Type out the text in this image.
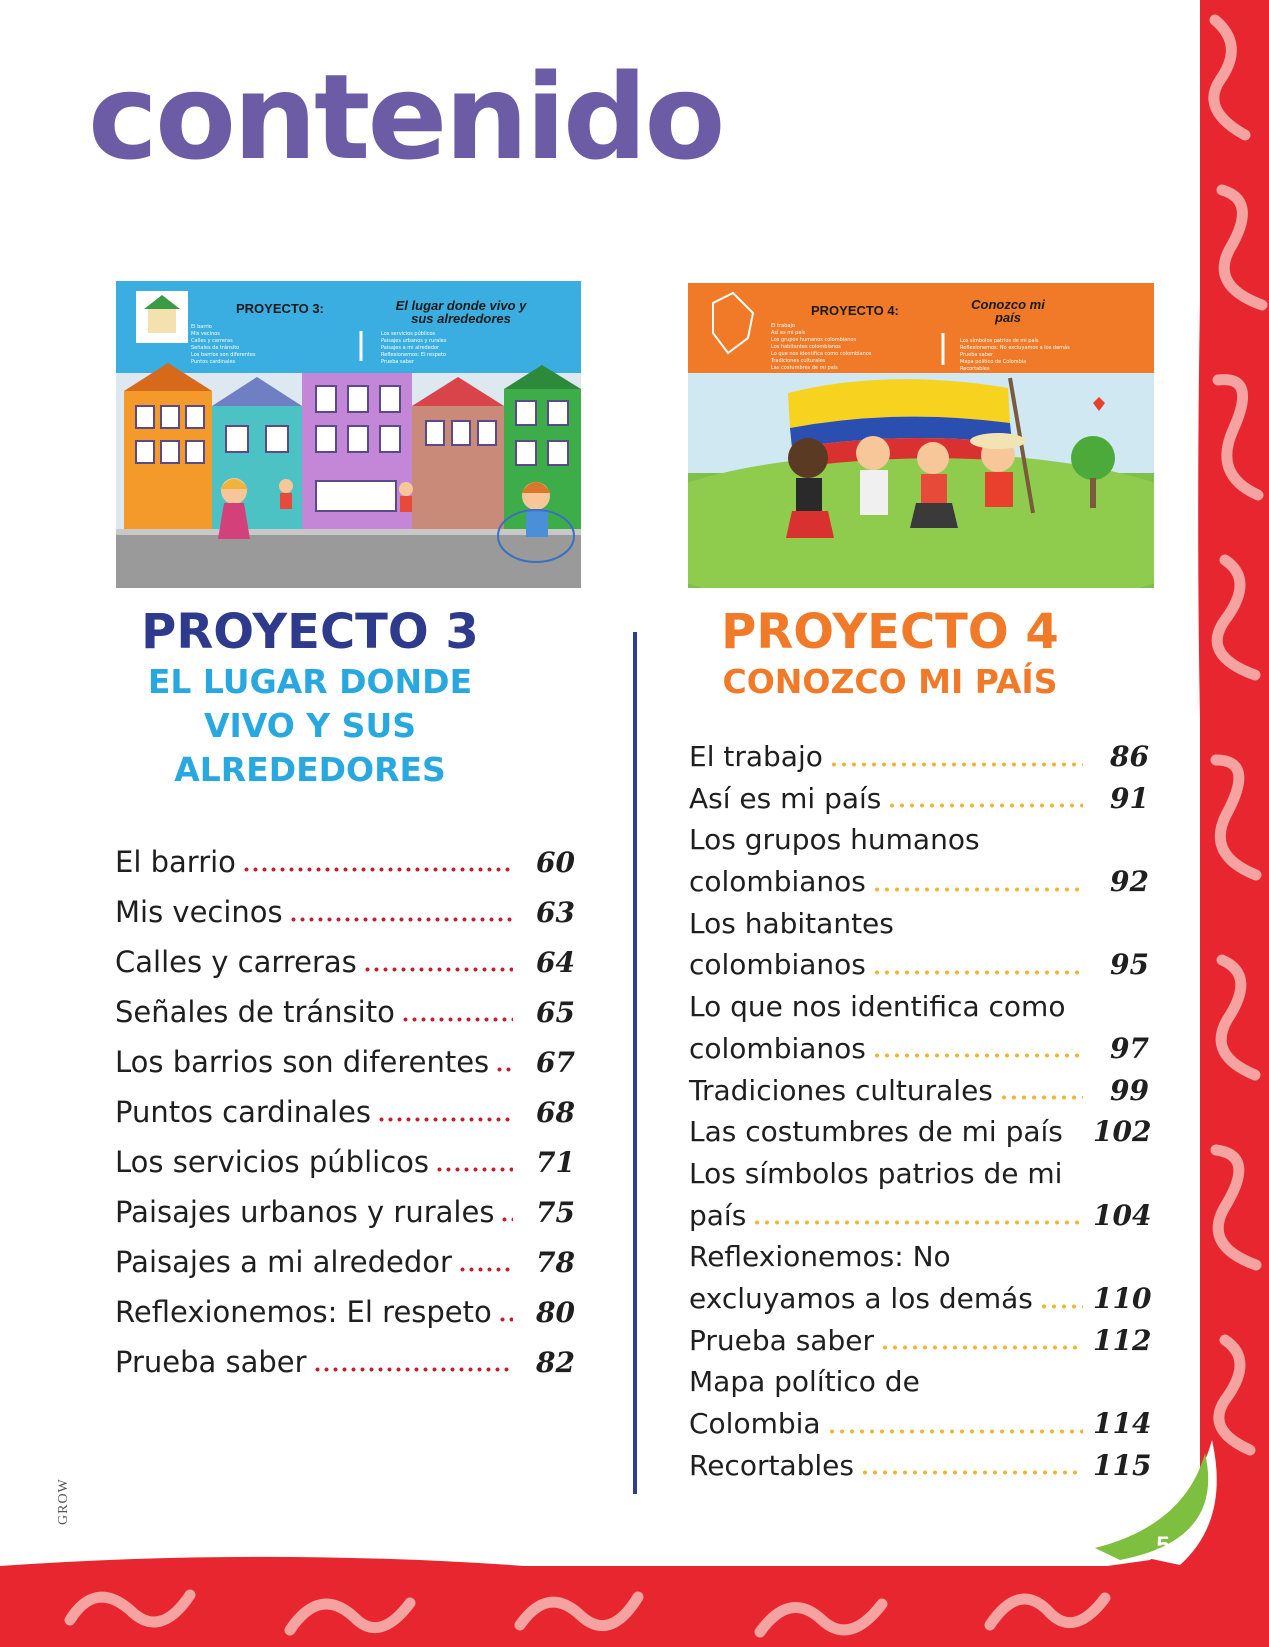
contenido
PROYECTO 3:	El lugar donde vivo y
sus alrededores
El barrio
Mis vecinos
Calles y carreras
Señales de tránsito
Los barrios son diferentes
Puntos cardinales
Los servicios públicos
Paisajes urbanos y rurales
Paisajes a mi alrededor
Reflexionemos: El respeto
Prueba saber
PROYECTO 4:	Conozco mi
país
El trabajo
Así es mi país
Los grupos humanos colombianos
Los habitantes colombianos
Lo que nos identifica como colombianos
Tradiciones culturales
Las costumbres de mi país
Los símbolos patrios de mi país
Reflexionemos: No excluyamos a los demás
Prueba saber
Mapa político de Colombia
Recortables
PROYECTO 3
EL LUGAR DONDE
VIVO Y SUS
ALREDEDORES
PROYECTO 4
CONOZCO MI PAÍS
El barrio	60
Mis vecinos	63
Calles y carreras	64
Señales de tránsito	65
Los barrios son diferentes	67
Puntos cardinales	68
Los servicios públicos	71
Paisajes urbanos y rurales	75
Paisajes a mi alrededor	78
Reflexionemos: El respeto	80
Prueba saber	82
El trabajo	86
Así es mi país	91
Los grupos humanos
colombianos	92
Los habitantes
colombianos	95
Lo que nos identifica como
colombianos	97
Tradiciones culturales	99
Las costumbres de mi país 102
Los símbolos patrios de mi
país	104
Reflexionemos: No
excluyamos a los demás 110
Prueba saber	112
Mapa político de
Colombia	114
Recortables	115
5
GROW
